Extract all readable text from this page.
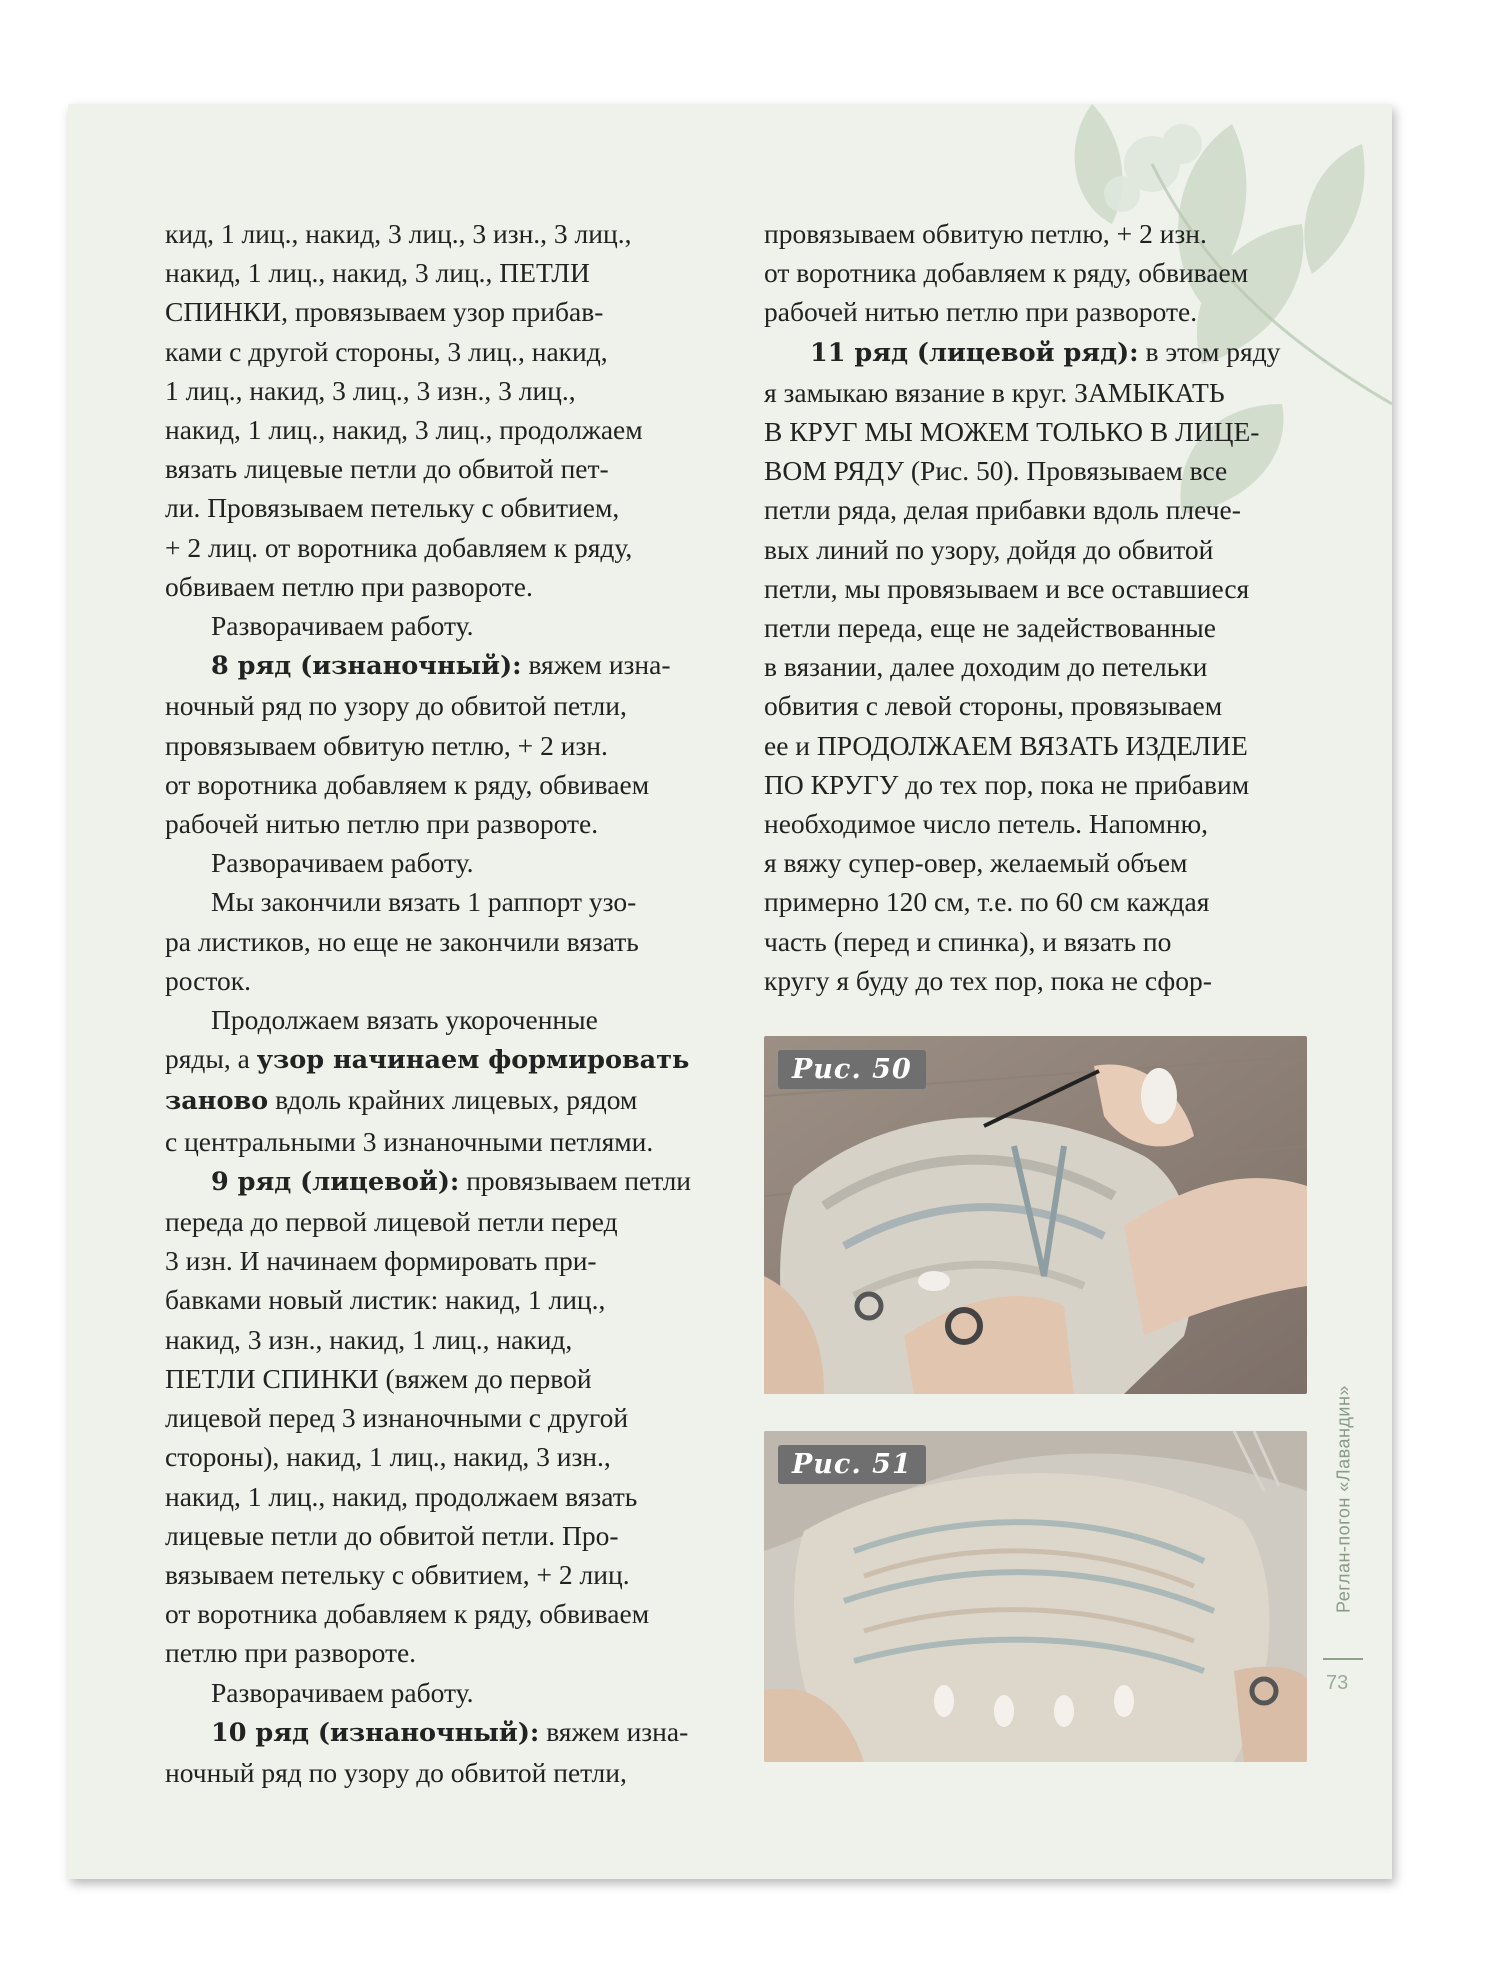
кид, 1 лиц., накид, 3 лиц., 3 изн., 3 лиц.,

накид, 1 лиц., накид, 3 лиц., ПЕТЛИ

СПИНКИ, провязываем узор прибав-

ками с другой стороны, 3 лиц., накид,

1 лиц., накид, 3 лиц., 3 изн., 3 лиц.,

накид, 1 лиц., накид, 3 лиц., продолжаем

вязать лицевые петли до обвитой пет-

ли. Провязываем петельку с обвитием,

+ 2 лиц. от воротника добавляем к ряду,

обвиваем петлю при развороте.

Разворачиваем работу.

8 ряд (изнаночный): вяжем изна-

ночный ряд по узору до обвитой петли,

провязываем обвитую петлю, + 2 изн.

от воротника добавляем к ряду, обвиваем

рабочей нитью петлю при развороте.

Разворачиваем работу.

Мы закончили вязать 1 раппорт узо-

ра листиков, но еще не закончили вязать

росток.

Продолжаем вязать укороченные

ряды, а узор начинаем формировать

заново вдоль крайних лицевых, рядом

с центральными 3 изнаночными петлями.

9 ряд (лицевой): провязываем петли

переда до первой лицевой петли перед

3 изн. И начинаем формировать при-

бавками новый листик: накид, 1 лиц.,

накид, 3 изн., накид, 1 лиц., накид,

ПЕТЛИ СПИНКИ (вяжем до первой

лицевой перед 3 изнаночными с другой

стороны), накид, 1 лиц., накид, 3 изн.,

накид, 1 лиц., накид, продолжаем вязать

лицевые петли до обвитой петли. Про-

вязываем петельку с обвитием, + 2 лиц.

от воротника добавляем к ряду, обвиваем

петлю при развороте.

Разворачиваем работу.

10 ряд (изнаночный): вяжем изна-

ночный ряд по узору до обвитой петли,

провязываем обвитую петлю, + 2 изн.

от воротника добавляем к ряду, обвиваем

рабочей нитью петлю при развороте.

11 ряд (лицевой ряд): в этом ряду

я замыкаю вязание в круг. ЗАМЫКАТЬ

В КРУГ МЫ МОЖЕМ ТОЛЬКО В ЛИЦЕ-

ВОМ РЯДУ (Рис. 50). Провязываем все

петли ряда, делая прибавки вдоль плече-

вых линий по узору, дойдя до обвитой

петли, мы провязываем и все оставшиеся

петли переда, еще не задействованные

в вязании, далее доходим до петельки

обвития с левой стороны, провязываем

ее и ПРОДОЛЖАЕМ ВЯЗАТЬ ИЗДЕЛИЕ

ПО КРУГУ до тех пор, пока не прибавим

необходимое число петель. Напомню,

я вяжу супер-овер, желаемый объем

примерно 120 см, т.е. по 60 см каждая

часть (перед и спинка), и вязать по

кругу я буду до тех пор, пока не сфор-

Рис. 50
Рис. 51	Реглан-погон «Лавандин»
73
